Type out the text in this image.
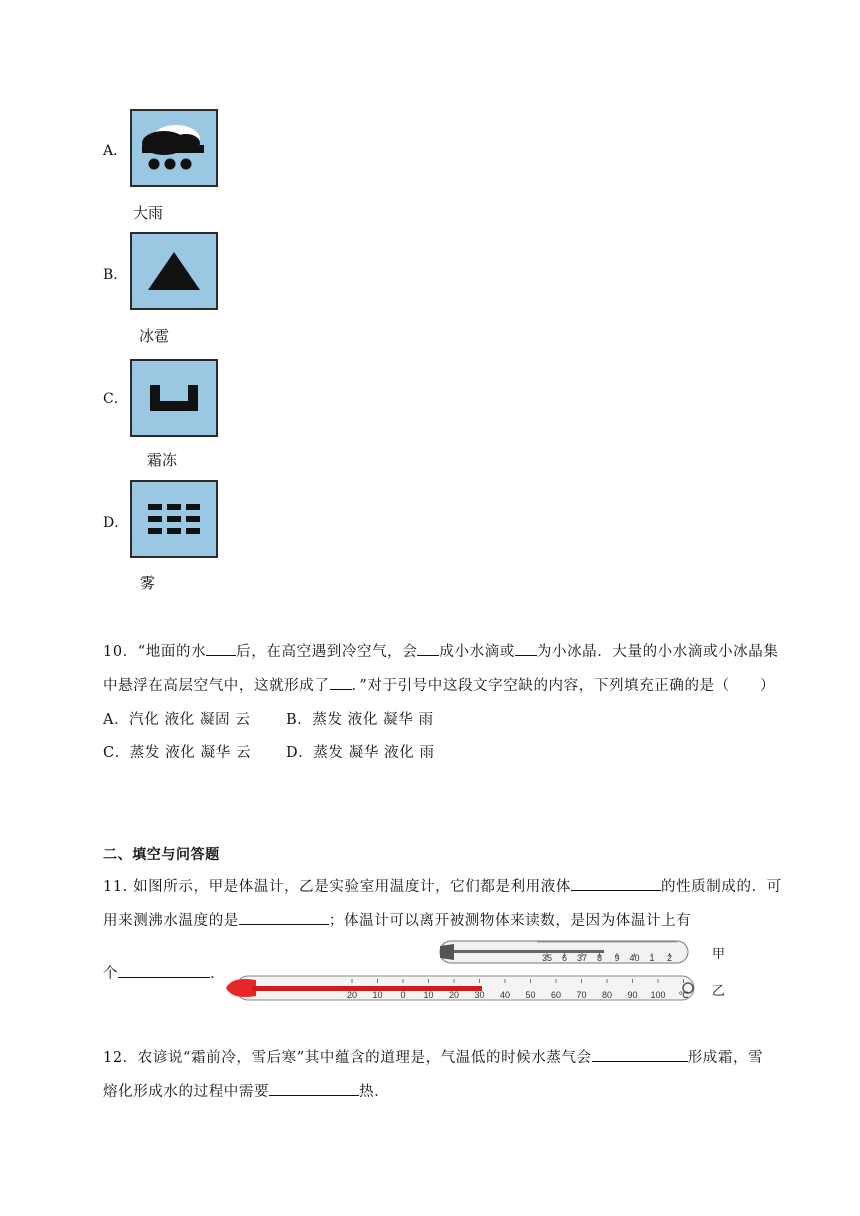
A．
大雨
B．
冰雹
C．
霜冻
D．
雾
10．“地面的水 后，在高空遇到冷空气，会 成小水滴或 为小冰晶．大量的小水滴或小冰晶集
中悬浮在高层空气中，这就形成了 ．”对于引号中这段文字空缺的内容，下列填充正确的是（　　）
A．汽化 液化 凝固 云 B．蒸发 液化 凝华 雨
C．蒸发 液化 凝华 云 D．蒸发 凝华 液化 雨
二、填空与问答题
11. 如图所示，甲是体温计，乙是实验室用温度计，它们都是利用液体	的性质制成的．可
用来测沸水温度的是	；体温计可以离开被测物体来读数，是因为体温计上有
个	．
35 6 37 8 9 40 1 2
20 10 0 10 20 30 40 50 60 70 80 90 100 ℃
甲
乙
12．农谚说“霜前冷，雪后寒”其中蕴含的道理是，气温低的时候水蒸气会	形成霜，雪
熔化形成水的过程中需要	热．
